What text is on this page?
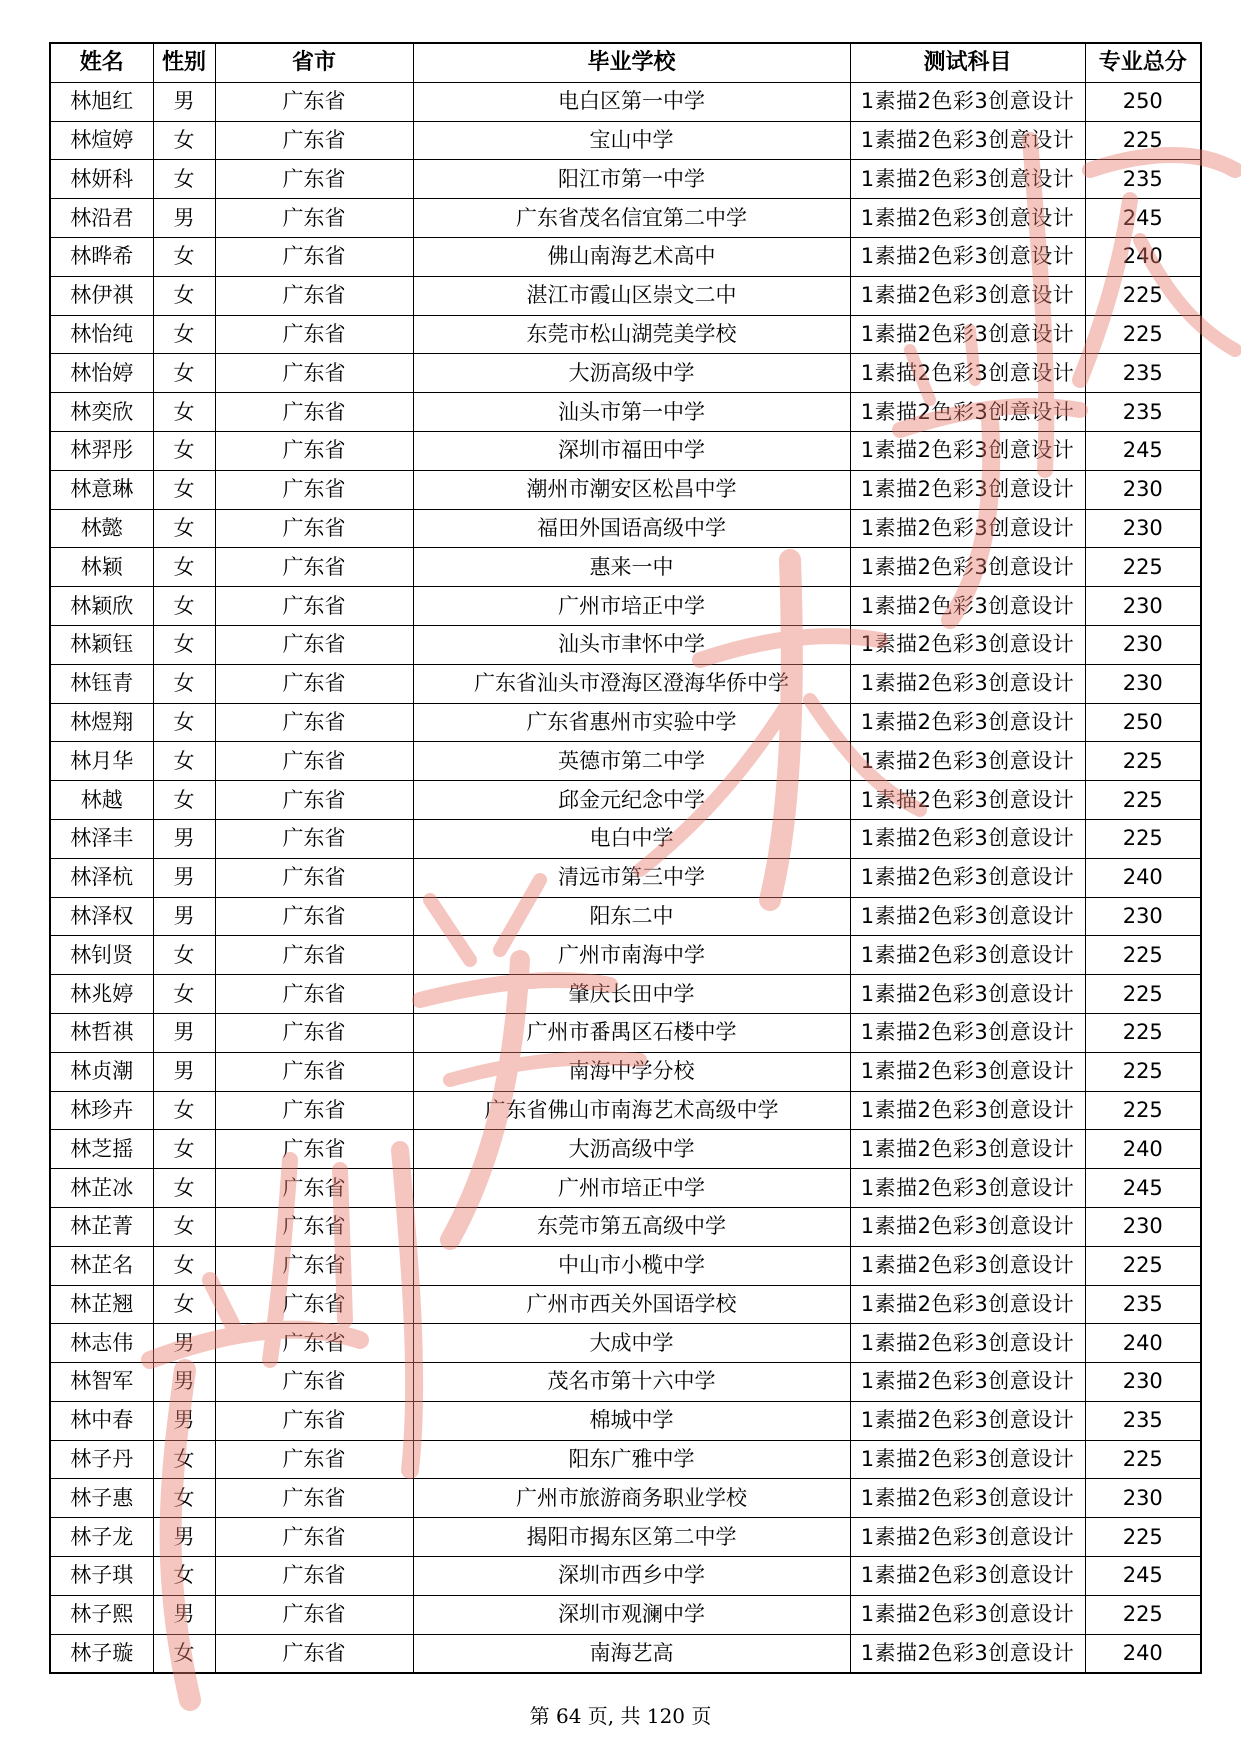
姓名	性别	省市	毕业学校	测试科目	专业总分
林旭红	男	广东省	电白区第一中学	1素描2色彩3创意设计	250
林煊婷	女	广东省	宝山中学	1素描2色彩3创意设计	225
林妍科	女	广东省	阳江市第一中学	1素描2色彩3创意设计	235
林沿君	男	广东省	广东省茂名信宜第二中学	1素描2色彩3创意设计	245
林晔希	女	广东省	佛山南海艺术高中	1素描2色彩3创意设计	240
林伊祺	女	广东省	湛江市霞山区崇文二中	1素描2色彩3创意设计	225
林怡纯	女	广东省	东莞市松山湖莞美学校	1素描2色彩3创意设计	225
林怡婷	女	广东省	大沥高级中学	1素描2色彩3创意设计	235
林奕欣	女	广东省	汕头市第一中学	1素描2色彩3创意设计	235
林羿彤	女	广东省	深圳市福田中学	1素描2色彩3创意设计	245
林意琳	女	广东省	潮州市潮安区松昌中学	1素描2色彩3创意设计	230
林懿	女	广东省	福田外国语高级中学	1素描2色彩3创意设计	230
林颖	女	广东省	惠来一中	1素描2色彩3创意设计	225
林颖欣	女	广东省	广州市培正中学	1素描2色彩3创意设计	230
林颖钰	女	广东省	汕头市聿怀中学	1素描2色彩3创意设计	230
林钰青	女	广东省	广东省汕头市澄海区澄海华侨中学	1素描2色彩3创意设计	230
林煜翔	女	广东省	广东省惠州市实验中学	1素描2色彩3创意设计	250
林月华	女	广东省	英德市第二中学	1素描2色彩3创意设计	225
林越	女	广东省	邱金元纪念中学	1素描2色彩3创意设计	225
林泽丰	男	广东省	电白中学	1素描2色彩3创意设计	225
林泽杭	男	广东省	清远市第三中学	1素描2色彩3创意设计	240
林泽权	男	广东省	阳东二中	1素描2色彩3创意设计	230
林钊贤	女	广东省	广州市南海中学	1素描2色彩3创意设计	225
林兆婷	女	广东省	肇庆长田中学	1素描2色彩3创意设计	225
林哲祺	男	广东省	广州市番禺区石楼中学	1素描2色彩3创意设计	225
林贞潮	男	广东省	南海中学分校	1素描2色彩3创意设计	225
林珍卉	女	广东省	广东省佛山市南海艺术高级中学	1素描2色彩3创意设计	225
林芝摇	女	广东省	大沥高级中学	1素描2色彩3创意设计	240
林芷冰	女	广东省	广州市培正中学	1素描2色彩3创意设计	245
林芷菁	女	广东省	东莞市第五高级中学	1素描2色彩3创意设计	230
林芷名	女	广东省	中山市小榄中学	1素描2色彩3创意设计	225
林芷翘	女	广东省	广州市西关外国语学校	1素描2色彩3创意设计	235
林志伟	男	广东省	大成中学	1素描2色彩3创意设计	240
林智军	男	广东省	茂名市第十六中学	1素描2色彩3创意设计	230
林中春	男	广东省	棉城中学	1素描2色彩3创意设计	235
林子丹	女	广东省	阳东广雅中学	1素描2色彩3创意设计	225
林子惠	女	广东省	广州市旅游商务职业学校	1素描2色彩3创意设计	230
林子龙	男	广东省	揭阳市揭东区第二中学	1素描2色彩3创意设计	225
林子琪	女	广东省	深圳市西乡中学	1素描2色彩3创意设计	245
林子熙	男	广东省	深圳市观澜中学	1素描2色彩3创意设计	225
林子璇	女	广东省	南海艺高	1素描2色彩3创意设计	240
第 64 页, 共 120 页
